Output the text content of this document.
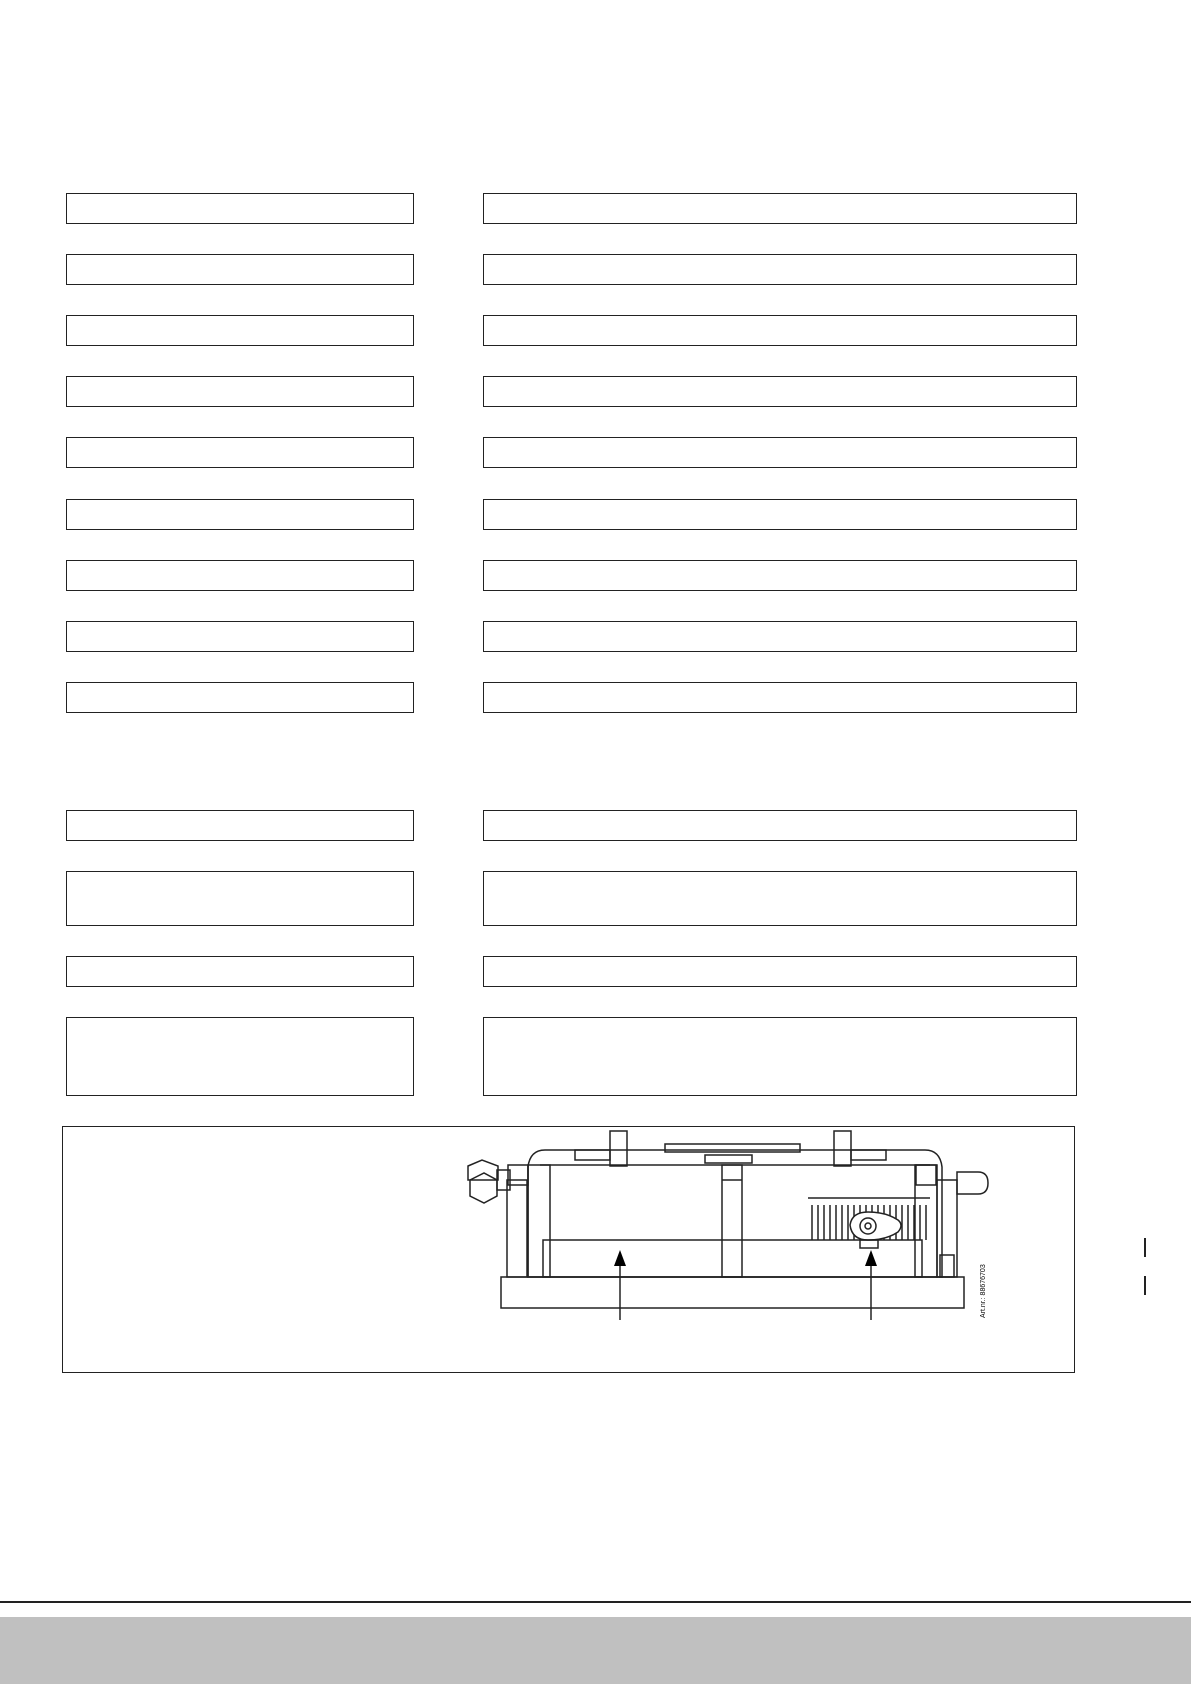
Art.nr.: 88676703
